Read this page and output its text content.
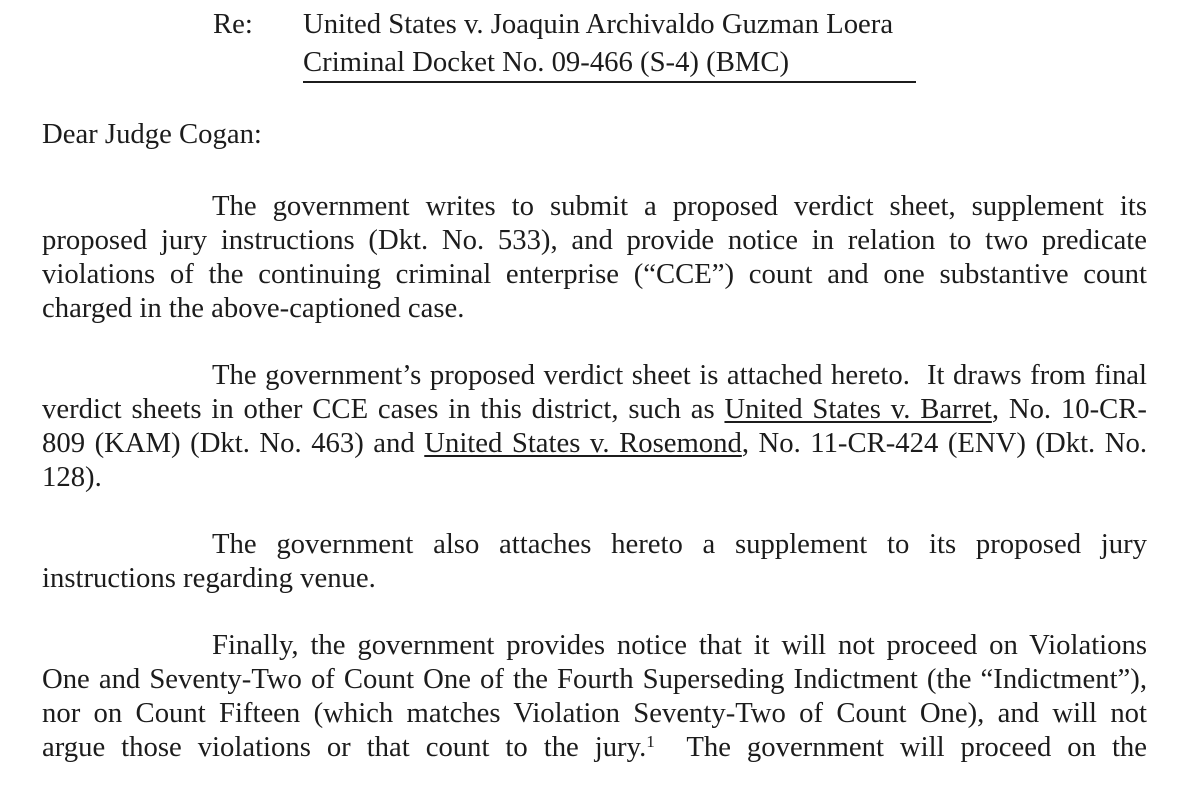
Re: United States v. Joaquin Archivaldo Guzman Loera
Criminal Docket No. 09-466 (S-4) (BMC)
Dear Judge Cogan:
The government writes to submit a proposed verdict sheet, supplement its
proposed jury instructions (Dkt. No. 533), and provide notice in relation to two predicate
violations of the continuing criminal enterprise (“CCE”) count and one substantive count
charged in the above-captioned case.
The government’s proposed verdict sheet is attached hereto.  It draws from final
verdict sheets in other CCE cases in this district, such as United States v. Barret, No. 10-CR-
809 (KAM) (Dkt. No. 463) and United States v. Rosemond, No. 11-CR-424 (ENV) (Dkt. No.
128).
The government also attaches hereto a supplement to its proposed jury
instructions regarding venue.
Finally, the government provides notice that it will not proceed on Violations
One and Seventy-Two of Count One of the Fourth Superseding Indictment (the “Indictment”),
nor on Count Fifteen (which matches Violation Seventy-Two of Count One), and will not
argue those violations or that count to the jury.$^1$  The government will proceed on the
